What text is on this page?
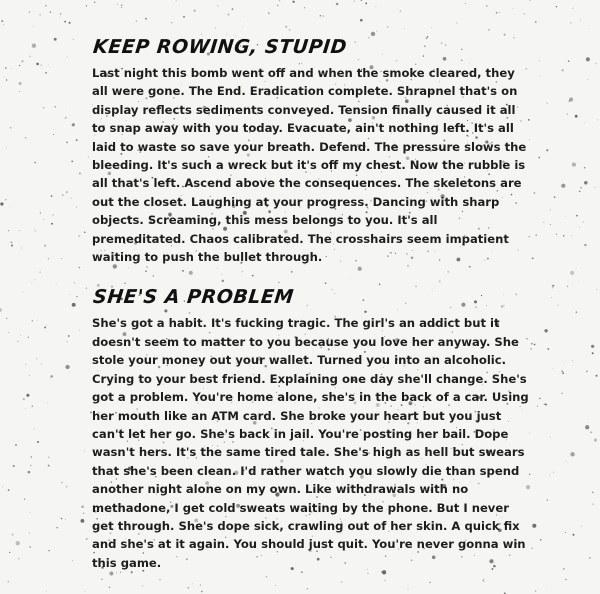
KEEP ROWING, STUPID

Last night this bomb went off and when the smoke cleared, they all were gone. The End. Eradication complete. Shrapnel that's on display reflects sediments conveyed. Tension finally caused it all to snap away with you today. Evacuate, ain't nothing left. It's all laid to waste so save your breath. Defend. The pressure slows the bleeding. It's such a wreck but it's off my chest. Now the rubble is all that's left. Ascend above the consequences. The skeletons are out the closet. Laughing at your progress. Dancing with sharp objects. Screaming, this mess belongs to you. It's all premeditated. Chaos calibrated. The crosshairs seem impatient waiting to push the bullet through.

SHE'S A PROBLEM

She's got a habit. It's fucking tragic. The girl's an addict but it doesn't seem to matter to you because you love her anyway. She stole your money out your wallet. Turned you into an alcoholic. Crying to your best friend. Explaining one day she'll change. She's got a problem. You're home alone, she's in the back of a car. Using her mouth like an ATM card. She broke your heart but you just can't let her go. She's back in jail. You're posting her bail. Dope wasn't hers. It's the same tired tale. She's high as hell but swears that she's been clean. I'd rather watch you slowly die than spend another night alone on my own. Like withdrawals with no methadone, I get cold sweats waiting by the phone. But I never get through. She's dope sick, crawling out of her skin. A quick fix and she's at it again. You should just quit. You're never gonna win this game.
